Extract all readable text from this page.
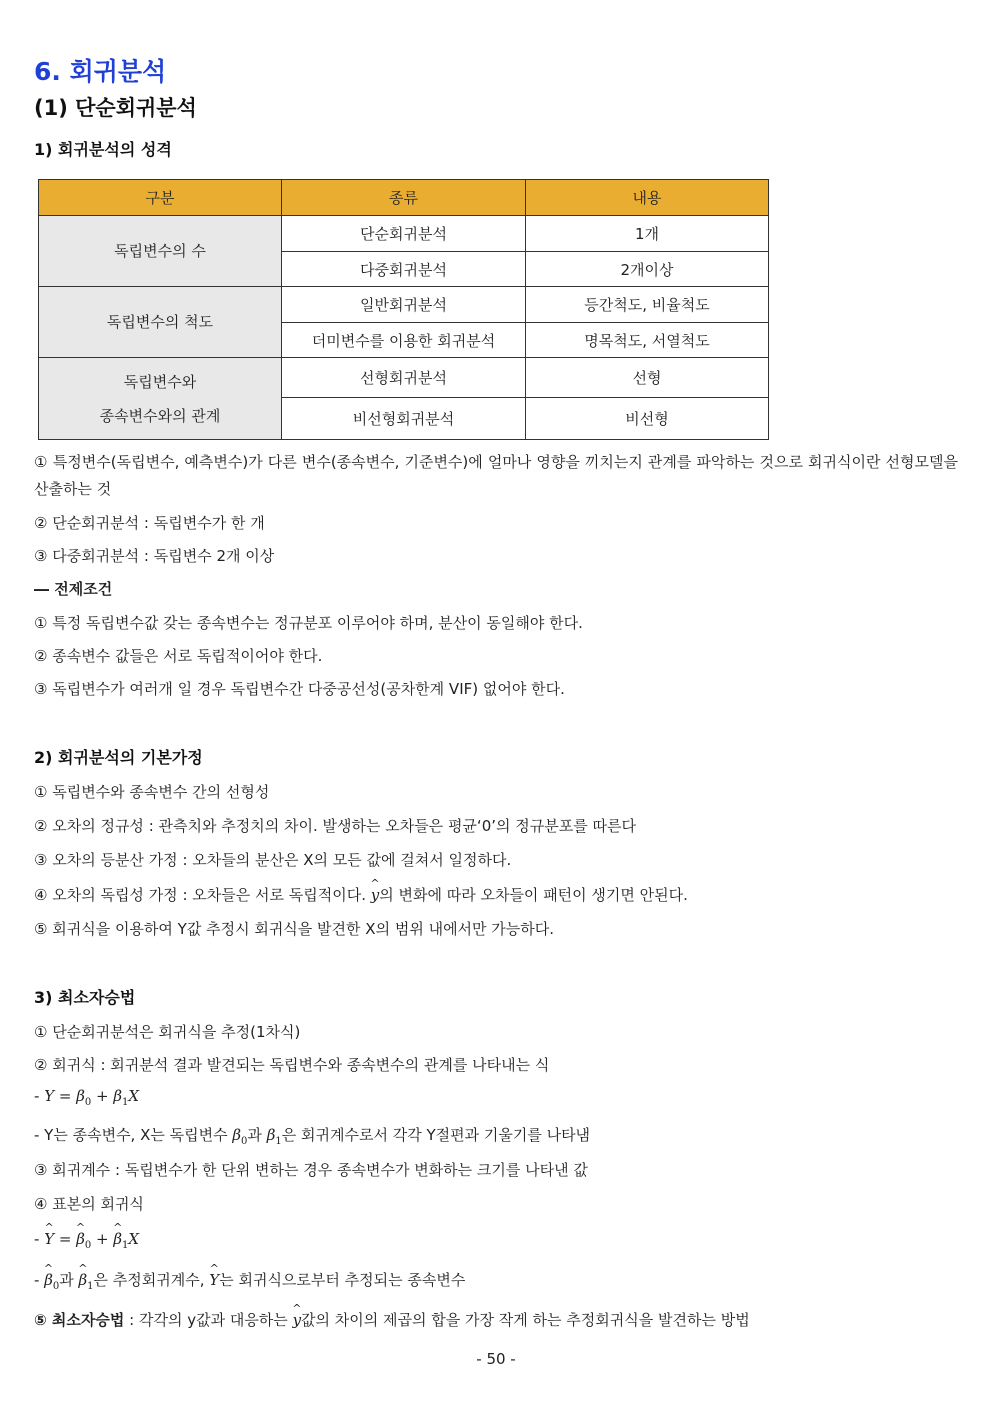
6. 회귀분석
(1) 단순회귀분석
1) 회귀분석의 성격
구분	종류	내용
독립변수의 수	단순회귀분석	1개
	다중회귀분석	2개이상
독립변수의 척도	일반회귀분석	등간척도, 비율척도
	더미변수를 이용한 회귀분석	명목척도, 서열척도

독립변수와
종속변수와의 관계	선형회귀분석	선형
	비선형회귀분석	비선형
① 특정변수(독립변수, 예측변수)가 다른 변수(종속변수, 기준변수)에 얼마나 영향을 끼치는지 관계를 파악하는 것으로 회귀식이란 선형모델을 산출하는 것
② 단순회귀분석 : 독립변수가 한 개
③ 다중회귀분석 : 독립변수 2개 이상
― 전제조건
① 특정 독립변수값 갖는 종속변수는 정규분포 이루어야 하며, 분산이 동일해야 한다.
② 종속변수 값들은 서로 독립적이어야 한다.
③ 독립변수가 여러개 일 경우 독립변수간 다중공선성(공차한계 VIF) 없어야 한다.
2) 회귀분석의 기본가정
① 독립변수와 종속변수 간의 선형성
② 오차의 정규성 : 관측치와 추정치의 차이. 발생하는 오차들은 평균‘0’의 정규분포를 따른다
③ 오차의 등분산 가정 : 오차들의 분산은 X의 모든 값에 걸쳐서 일정하다.
④ 오차의 독립성 가정 : 오차들은 서로 독립적이다. ^ y의 변화에 따라 오차들이 패턴이 생기면 안된다.
⑤ 회귀식을 이용하여 Y값 추정시 회귀식을 발견한 X의 범위 내에서만 가능하다.
3) 최소자승법
① 단순회귀분석은 회귀식을 추정(1차식)
② 회귀식 : 회귀분석 결과 발견되는 독립변수와 종속변수의 관계를 나타내는 식
- $Y = \beta_0 + \beta_1X$
- Y는 종속변수, X는 독립변수 $\beta_0$과 $\beta_1$은 회귀계수로서 각각 Y절편과 기울기를 나타냄
③ 회귀계수 : 독립변수가 한 단위 변하는 경우 종속변수가 변화하는 크기를 나타낸 값
④ 표본의 회귀식
- ^ Y = ^ $\beta_0$ + ^ $\beta_1X$
- ^ $\beta_0$과 ^ $\beta_1$은 추정회귀계수, ^ Y는 회귀식으로부터 추정되는 종속변수
⑤ 최소자승법 : 각각의 y값과 대응하는 ^ y값의 차이의 제곱의 합을 가장 작게 하는 추정회귀식을 발견하는 방법
- 50 -
